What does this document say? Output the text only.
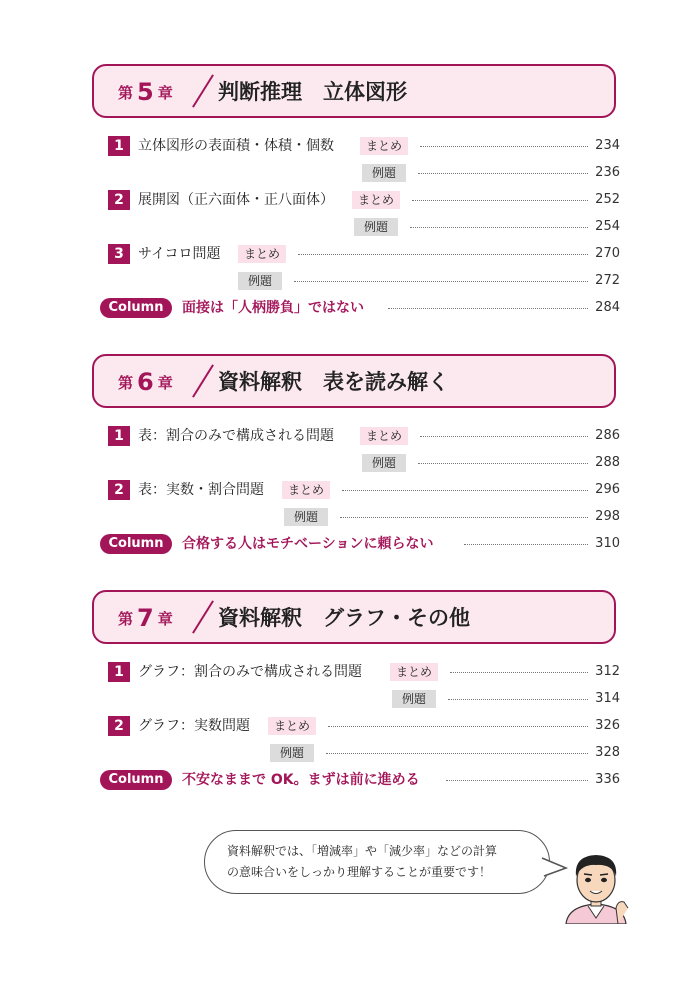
第 5 章 判断推理　立体図形
1	立体図形の表面積・体積・個数	まとめ	234
例題	236
2	展開図（正六面体・正八面体）	まとめ	252
例題	254
3	サイコロ問題	まとめ	270
例題	272
Column	面接は「人柄勝負」ではない	284
第 6 章 資料解釈　表を読み解く
1	表：割合のみで構成される問題	まとめ	286
例題	288
2	表：実数・割合問題	まとめ	296
例題	298
Column	合格する人はモチベーションに頼らない	310
第 7 章 資料解釈　グラフ・その他
1	グラフ：割合のみで構成される問題	まとめ	312
例題	314
2	グラフ：実数問題	まとめ	326
例題	328
Column	不安なままで OK。まずは前に進める	336
資料解釈では、「増減率」や「減少率」などの計算
の意味合いをしっかり理解することが重要です！
